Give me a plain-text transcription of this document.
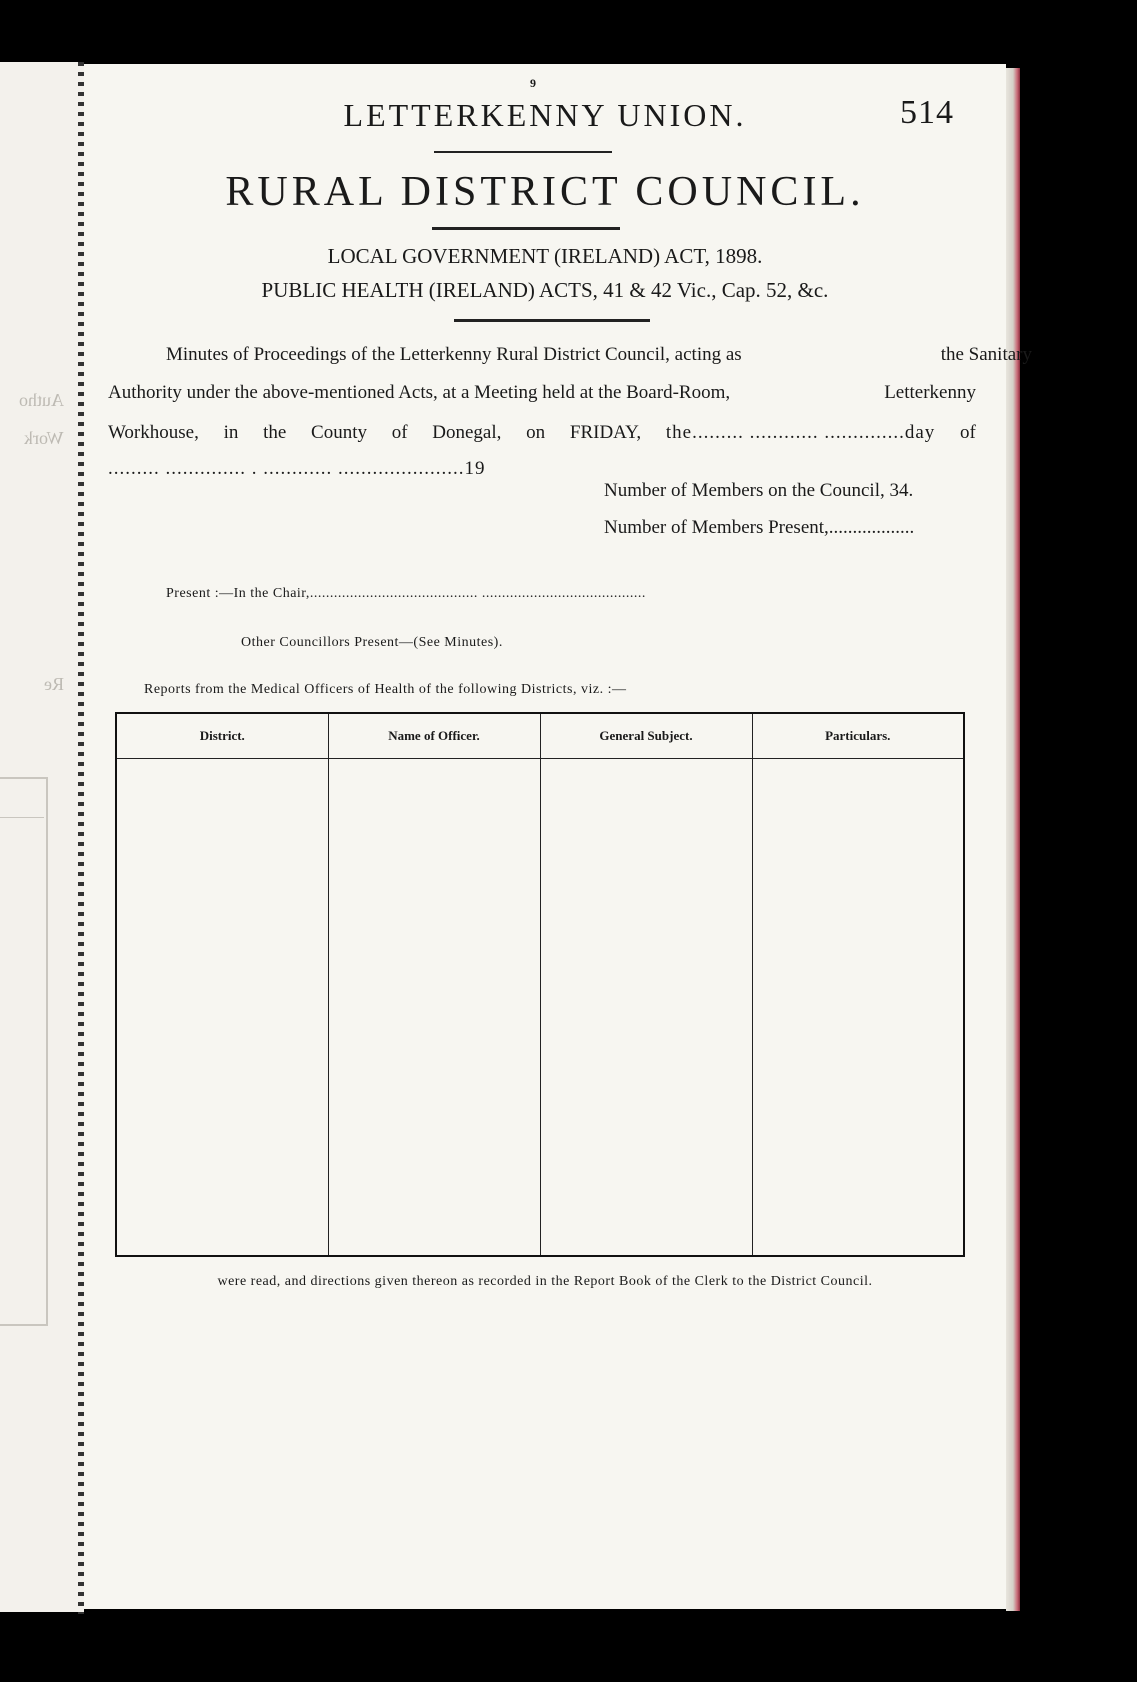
Autho
Work
Re
9
514
LETTERKENNY UNION.
RURAL DISTRICT COUNCIL.
LOCAL GOVERNMENT (IRELAND) ACT, 1898.
PUBLIC HEALTH (IRELAND) ACTS, 41 & 42 Vic., Cap. 52, &c.
Minutes of Proceedings of the Letterkenny Rural District Council, acting as	the Sanitary
Authority under the above-mentioned Acts, at a Meeting held at the Board-Room,	Letterkenny
Workhouse, in the County of Donegal, on FRIDAY, the......... ............ ..............day of
......... .............. . ............ ......................19
Number of Members on the Council, 34.
Number of Members Present,..................
Present :—In the Chair,.......................................... .........................................
Other Councillors Present—(See Minutes).
Reports from the Medical Officers of Health of the following Districts, viz. :—
District.	Name of Officer.	General Subject.	Particulars.

were read, and directions given thereon as recorded in the Report Book of the Clerk to the District Council.
